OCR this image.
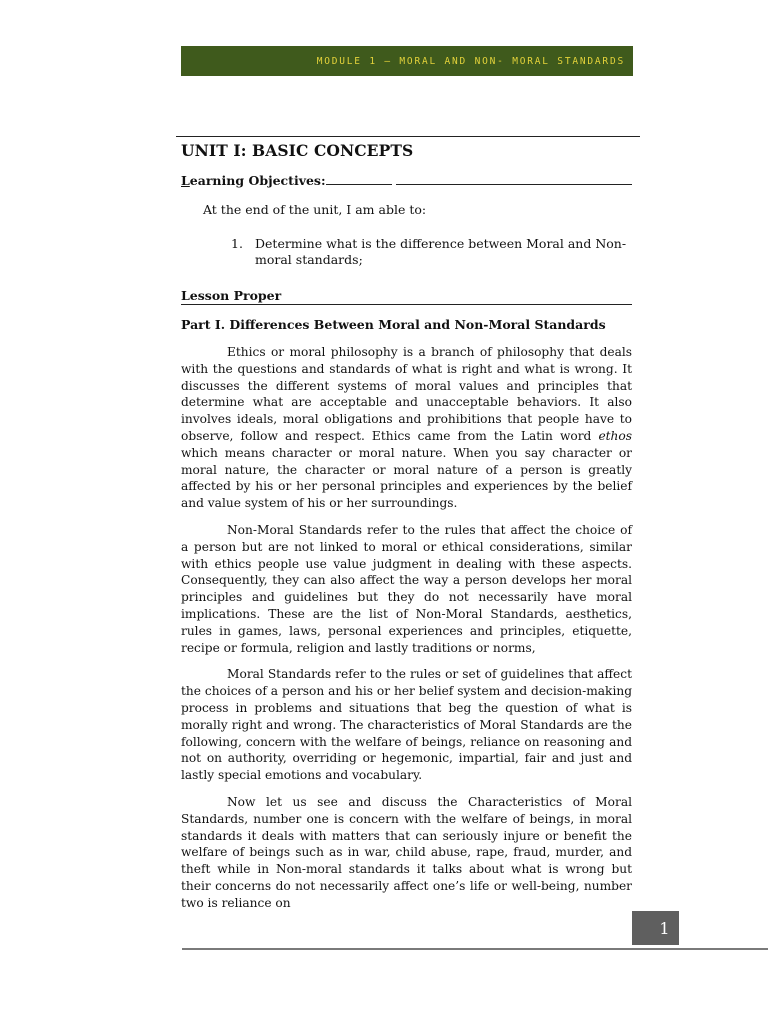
MODULE 1 – MORAL AND NON- MORAL STANDARDS
UNIT I: BASIC CONCEPTS
Learning Objectives:

At the end of the unit, I am able to:

1. Determine what is the difference between Moral and Non-moral standards;
Lesson Proper
Part I. Differences Between Moral and Non-Moral Standards

Ethics or moral philosophy is a branch of philosophy that deals with the questions and standards of what is right and what is wrong. It discusses the different systems of moral values and principles that determine what are acceptable and unacceptable behaviors. It also involves ideals, moral obligations and prohibitions that people have to observe, follow and respect. Ethics came from the Latin word ethos which means character or moral nature. When you say character or moral nature, the character or moral nature of a person is greatly affected by his or her personal principles and experiences by the belief and value system of his or her surroundings.

Non-Moral Standards refer to the rules that affect the choice of a person but are not linked to moral or ethical considerations, similar with ethics people use value judgment in dealing with these aspects. Consequently, they can also affect the way a person develops her moral principles and guidelines but they do not necessarily have moral implications. These are the list of Non-Moral Standards, aesthetics, rules in games, laws, personal experiences and principles, etiquette, recipe or formula, religion and lastly traditions or norms,

Moral Standards refer to the rules or set of guidelines that affect the choices of a person and his or her belief system and decision-making process in problems and situations that beg the question of what is morally right and wrong. The characteristics of Moral Standards are the following, concern with the welfare of beings, reliance on reasoning and not on authority, overriding or hegemonic, impartial, fair and just and lastly special emotions and vocabulary.

Now let us see and discuss the Characteristics of Moral Standards, number one is concern with the welfare of beings, in moral standards it deals with matters that can seriously injure or benefit the welfare of beings such as in war, child abuse, rape, fraud, murder, and theft while in Non-moral standards it talks about what is wrong but their concerns do not necessarily affect one’s life or well-being, number two is reliance on

1
